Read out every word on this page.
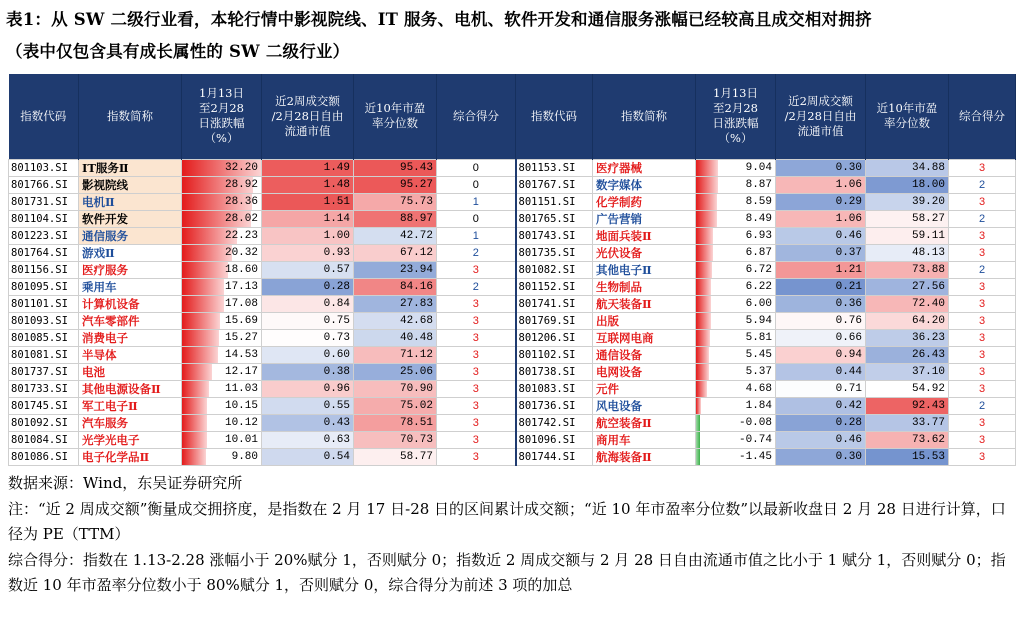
表1：从 SW 二级行业看，本轮行情中影视院线、IT 服务、电机、软件开发和通信服务涨幅已经较高且成交相对拥挤
（表中仅包含具有成长属性的 SW 二级行业）
指数代码	指数简称	1月13日
至2月28
日涨跌幅
（%）	近2周成交额
/2月28日自由
流通市值	近10年市盈
率分位数	综合得分	指数代码	指数简称	1月13日
至2月28
日涨跌幅
（%）	近2周成交额
/2月28日自由
流通市值	近10年市盈
率分位数	综合得分
801103.SI	IT服务Ⅱ	32.20	1.49	95.43	0	801153.SI	医疗器械	9.04	0.30	34.88	3
801766.SI	影视院线	28.92	1.48	95.27	0	801767.SI	数字媒体	8.87	1.06	18.00	2
801731.SI	电机Ⅱ	28.36	1.51	75.73	1	801151.SI	化学制药	8.59	0.29	39.20	3
801104.SI	软件开发	28.02	1.14	88.97	0	801765.SI	广告营销	8.49	1.06	58.27	2
801223.SI	通信服务	22.23	1.00	42.72	1	801743.SI	地面兵装Ⅱ	6.93	0.46	59.11	3
801764.SI	游戏Ⅱ	20.32	0.93	67.12	2	801735.SI	光伏设备	6.87	0.37	48.13	3
801156.SI	医疗服务	18.60	0.57	23.94	3	801082.SI	其他电子Ⅱ	6.72	1.21	73.88	2
801095.SI	乘用车	17.13	0.28	84.16	2	801152.SI	生物制品	6.22	0.21	27.56	3
801101.SI	计算机设备	17.08	0.84	27.83	3	801741.SI	航天装备Ⅱ	6.00	0.36	72.40	3
801093.SI	汽车零部件	15.69	0.75	42.68	3	801769.SI	出版	5.94	0.76	64.20	3
801085.SI	消费电子	15.27	0.73	40.48	3	801206.SI	互联网电商	5.81	0.66	36.23	3
801081.SI	半导体	14.53	0.60	71.12	3	801102.SI	通信设备	5.45	0.94	26.43	3
801737.SI	电池	12.17	0.38	25.06	3	801738.SI	电网设备	5.37	0.44	37.10	3
801733.SI	其他电源设备Ⅱ	11.03	0.96	70.90	3	801083.SI	元件	4.68	0.71	54.92	3
801745.SI	军工电子Ⅱ	10.15	0.55	75.02	3	801736.SI	风电设备	1.84	0.42	92.43	2
801092.SI	汽车服务	10.12	0.43	78.51	3	801742.SI	航空装备Ⅱ	-0.08	0.28	33.77	3
801084.SI	光学光电子	10.01	0.63	70.73	3	801096.SI	商用车	-0.74	0.46	73.62	3
801086.SI	电子化学品Ⅱ	9.80	0.54	58.77	3	801744.SI	航海装备Ⅱ	-1.45	0.30	15.53	3

数据来源：Wind，东吴证券研究所

注：“近 2 周成交额”衡量成交拥挤度，是指数在 2 月 17 日-28 日的区间累计成交额；“近 10 年市盈率分位数”以最新收盘日 2 月 28 日进行计算，口径为 PE（TTM）

综合得分：指数在 1.13-2.28 涨幅小于 20%赋分 1，否则赋分 0；指数近 2 周成交额与 2 月 28 日自由流通市值之比小于 1 赋分 1，否则赋分 0；指数近 10 年市盈率分位数小于 80%赋分 1，否则赋分 0，综合得分为前述 3 项的加总
